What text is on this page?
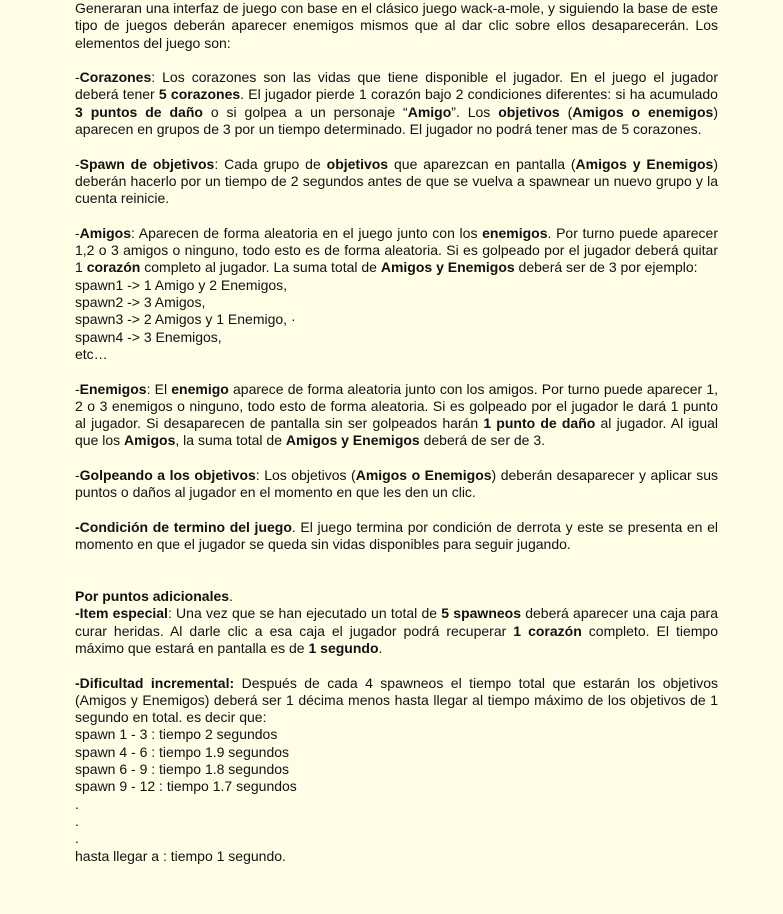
Generaran una interfaz de juego con base en el clásico juego wack-a-mole, y siguiendo la base de este tipo de juegos deberán aparecer enemigos mismos que al dar clic sobre ellos desaparecerán. Los elementos del juego son:

-Corazones: Los corazones son las vidas que tiene disponible el jugador. En el juego el jugador deberá tener 5 corazones. El jugador pierde 1 corazón bajo 2 condiciones diferentes: si ha acumulado 3 puntos de daño o si golpea a un personaje “Amigo”. Los objetivos (Amigos o enemigos) aparecen en grupos de 3 por un tiempo determinado. El jugador no podrá tener mas de 5 corazones.

-Spawn de objetivos: Cada grupo de objetivos que aparezcan en pantalla (Amigos y Enemigos) deberán hacerlo por un tiempo de 2 segundos antes de que se vuelva a spawnear un nuevo grupo y la cuenta reinicie.

-Amigos: Aparecen de forma aleatoria en el juego junto con los enemigos. Por turno puede aparecer 1,2 o 3 amigos o ninguno, todo esto es de forma aleatoria. Si es golpeado por el jugador deberá quitar 1 corazón completo al jugador. La suma total de Amigos y Enemigos deberá ser de 3 por ejemplo:

spawn1 -> 1 Amigo y 2 Enemigos,

spawn2 -> 3 Amigos,

spawn3 -> 2 Amigos y 1 Enemigo, ·

spawn4 -> 3 Enemigos,

etc…

-Enemigos: El enemigo aparece de forma aleatoria junto con los amigos. Por turno puede aparecer 1, 2 o 3 enemigos o ninguno, todo esto de forma aleatoria. Si es golpeado por el jugador le dará 1 punto al jugador. Si desaparecen de pantalla sin ser golpeados harán 1 punto de daño al jugador. Al igual que los Amigos, la suma total de Amigos y Enemigos deberá de ser de 3.

-Golpeando a los objetivos: Los objetivos (Amigos o Enemigos) deberán desaparecer y aplicar sus puntos o daños al jugador en el momento en que les den un clic.

-Condición de termino del juego. El juego termina por condición de derrota y este se presenta en el momento en que el jugador se queda sin vidas disponibles para seguir jugando.

Por puntos adicionales.

-Item especial: Una vez que se han ejecutado un total de 5 spawneos deberá aparecer una caja para curar heridas. Al darle clic a esa caja el jugador podrá recuperar 1 corazón completo. El tiempo máximo que estará en pantalla es de 1 segundo.

-Dificultad incremental: Después de cada 4 spawneos el tiempo total que estarán los objetivos (Amigos y Enemigos) deberá ser 1 décima menos hasta llegar al tiempo máximo de los objetivos de 1 segundo en total. es decir que:

spawn 1 - 3 : tiempo 2 segundos

spawn 4 - 6 : tiempo 1.9 segundos

spawn 6 - 9 : tiempo 1.8 segundos

spawn 9 - 12 : tiempo 1.7 segundos

.

.

.

hasta llegar a : tiempo 1 segundo.
